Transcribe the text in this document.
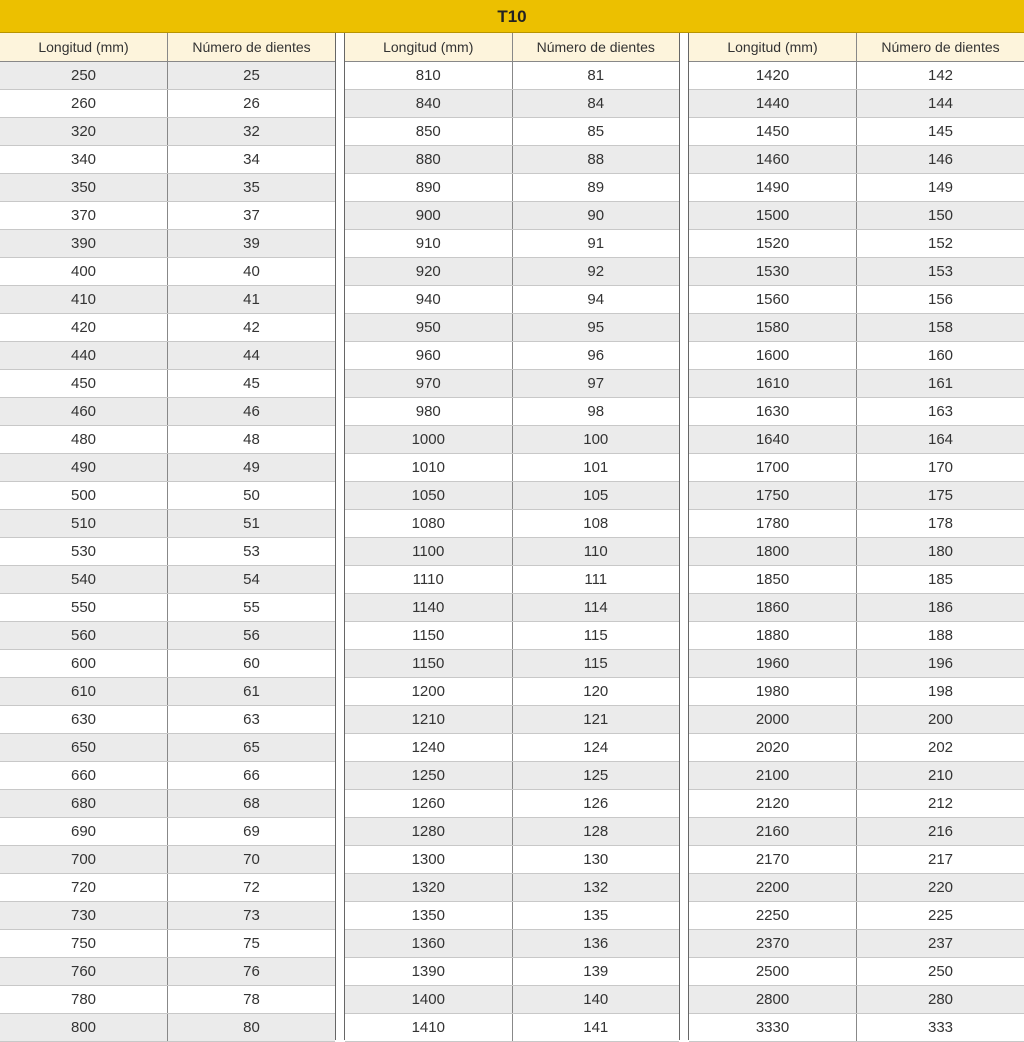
T10
Longitud (mm)	Número de dientes
250	25
260	26
320	32
340	34
350	35
370	37
390	39
400	40
410	41
420	42
440	44
450	45
460	46
480	48
490	49
500	50
510	51
530	53
540	54
550	55
560	56
600	60
610	61
630	63
650	65
660	66
680	68
690	69
700	70
720	72
730	73
750	75
760	76
780	78
800	80
Longitud (mm)	Número de dientes
810	81
840	84
850	85
880	88
890	89
900	90
910	91
920	92
940	94
950	95
960	96
970	97
980	98
1000	100
1010	101
1050	105
1080	108
1100	110
1110	111
1140	114
1150	115
1150	115
1200	120
1210	121
1240	124
1250	125
1260	126
1280	128
1300	130
1320	132
1350	135
1360	136
1390	139
1400	140
1410	141
Longitud (mm)	Número de dientes
1420	142
1440	144
1450	145
1460	146
1490	149
1500	150
1520	152
1530	153
1560	156
1580	158
1600	160
1610	161
1630	163
1640	164
1700	170
1750	175
1780	178
1800	180
1850	185
1860	186
1880	188
1960	196
1980	198
2000	200
2020	202
2100	210
2120	212
2160	216
2170	217
2200	220
2250	225
2370	237
2500	250
2800	280
3330	333
